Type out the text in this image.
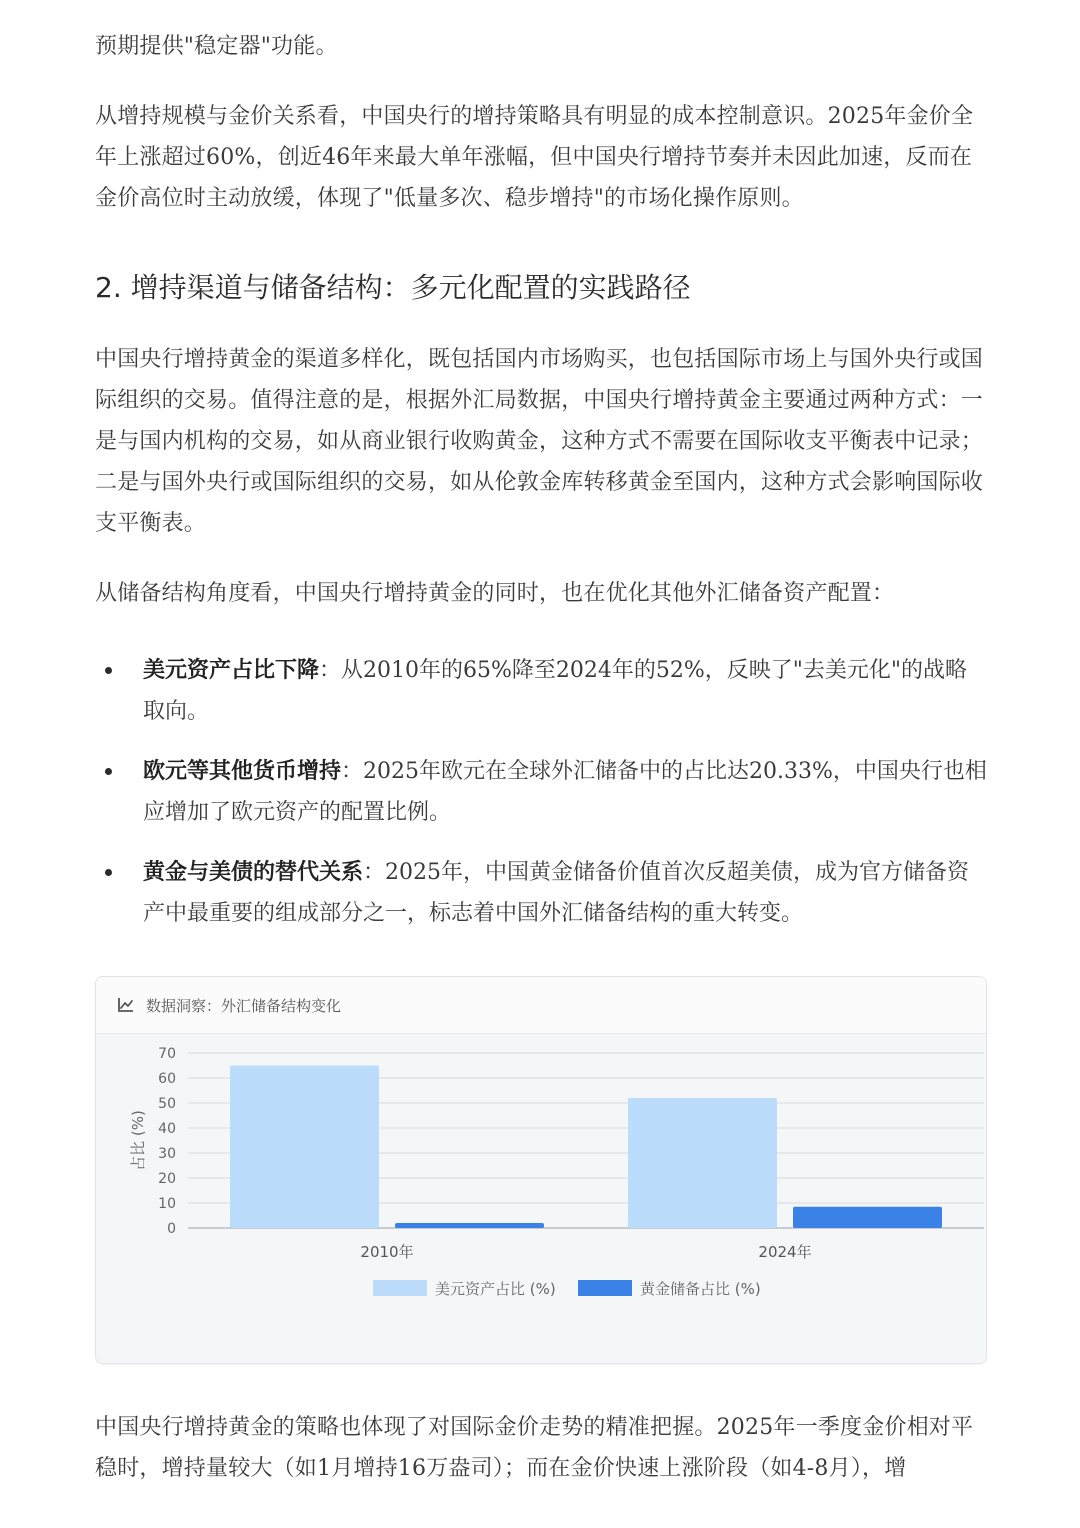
预期提供"稳定器"功能。

从增持规模与金价关系看，中国央行的增持策略具有明显的成本控制意识。2025年金价全年上涨超过60%，创近46年来最大单年涨幅，但中国央行增持节奏并未因此加速，反而在金价高位时主动放缓，体现了"低量多次、稳步增持"的市场化操作原则。

2. 增持渠道与储备结构：多元化配置的实践路径

中国央行增持黄金的渠道多样化，既包括国内市场购买，也包括国际市场上与国外央行或国际组织的交易。值得注意的是，根据外汇局数据，中国央行增持黄金主要通过两种方式：一是与国内机构的交易，如从商业银行收购黄金，这种方式不需要在国际收支平衡表中记录；二是与国外央行或国际组织的交易，如从伦敦金库转移黄金至国内，这种方式会影响国际收支平衡表。

从储备结构角度看，中国央行增持黄金的同时，也在优化其他外汇储备资产配置：

美元资产占比下降：从2010年的65%降至2024年的52%，反映了"去美元化"的战略取向。
欧元等其他货币增持：2025年欧元在全球外汇储备中的占比达20.33%，中国央行也相应增加了欧元资产的配置比例。
黄金与美债的替代关系：2025年，中国黄金储备价值首次反超美债，成为官方储备资产中最重要的组成部分之一，标志着中国外汇储备结构的重大转变。

中国央行增持黄金的策略也体现了对国际金价走势的精准把握。2025年一季度金价相对平稳时，增持量较大（如1月增持16万盎司）；而在金价快速上涨阶段（如4-8月），增

数据洞察：外汇储备结构变化
0
10
20
30
40
50
60
70
占比 (%)
2010年	2024年
美元资产占比 (%)	黄金储备占比 (%)
